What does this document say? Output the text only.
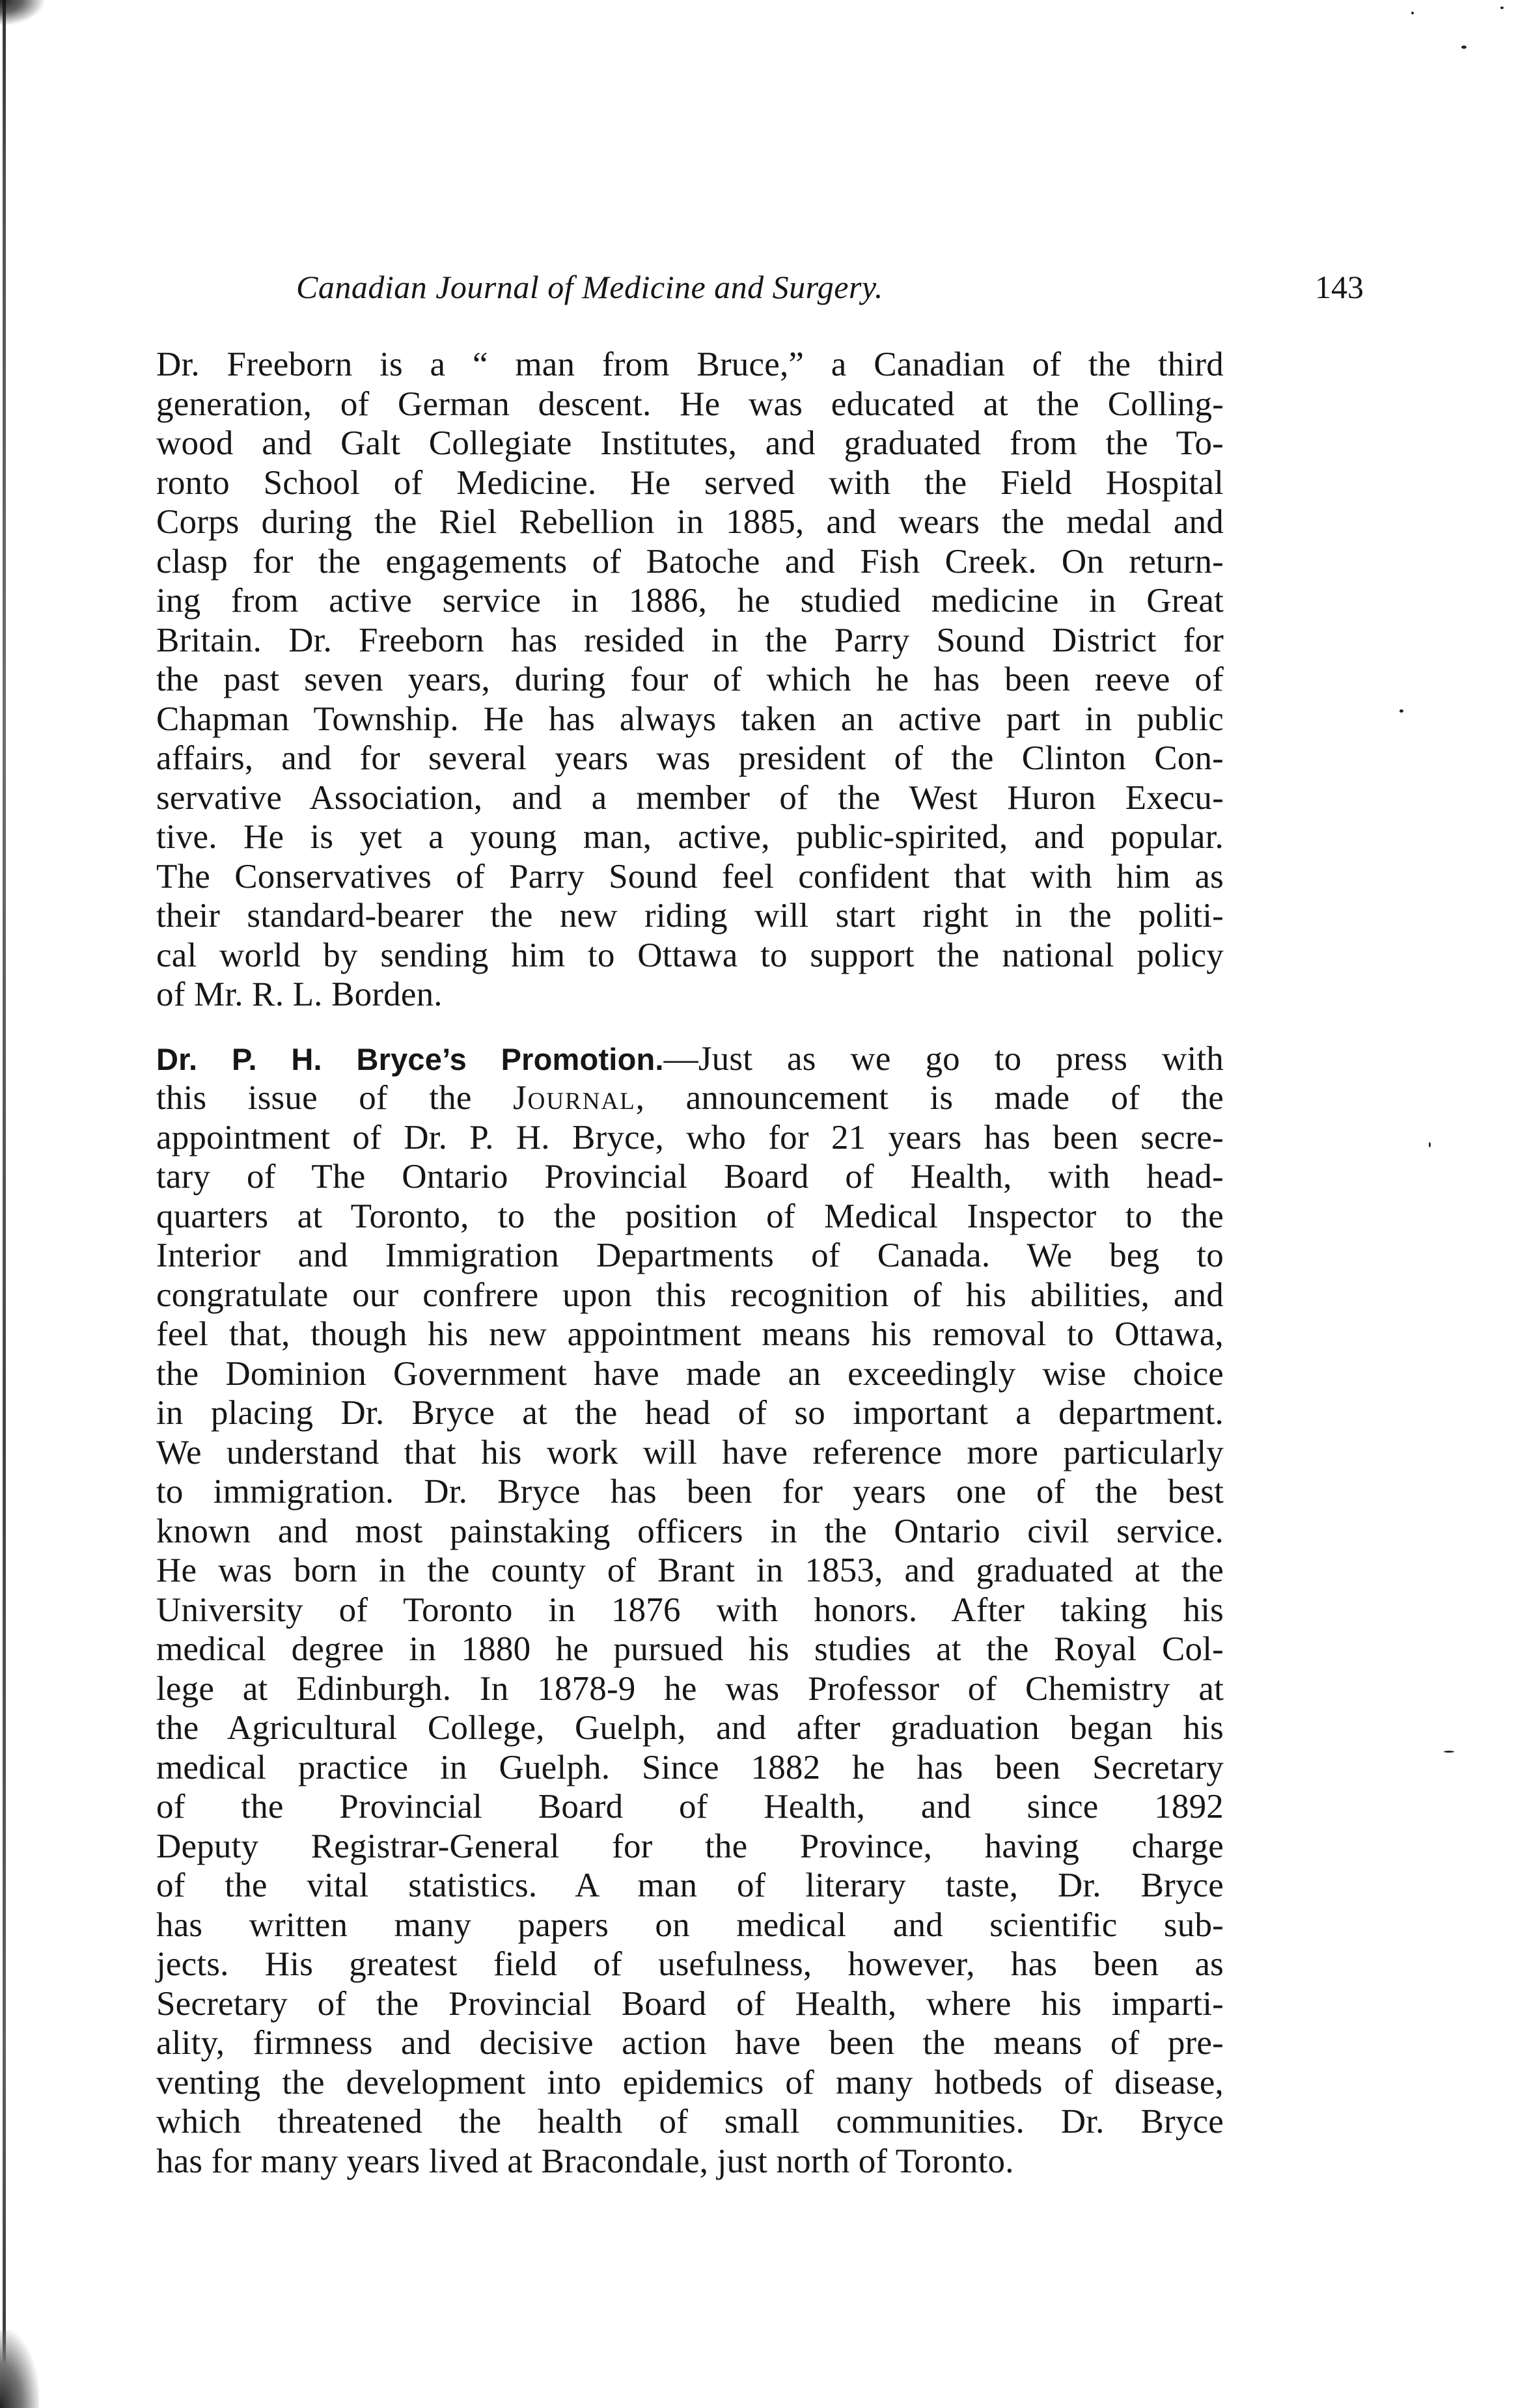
Canadian Journal of Medicine and Surgery.	143
Dr. Freeborn is a “ man from Bruce,” a Canadian of the third
generation, of German descent. He was educated at the Colling-
wood and Galt Collegiate Institutes, and graduated from the To-
ronto School of Medicine. He served with the Field Hospital
Corps during the Riel Rebellion in 1885, and wears the medal and
clasp for the engagements of Batoche and Fish Creek. On return-
ing from active service in 1886, he studied medicine in Great
Britain. Dr. Freeborn has resided in the Parry Sound District for
the past seven years, during four of which he has been reeve of
Chapman Township. He has always taken an active part in public
affairs, and for several years was president of the Clinton Con-
servative Association, and a member of the West Huron Execu-
tive. He is yet a young man, active, public-spirited, and popular.
The Conservatives of Parry Sound feel confident that with him as
their standard-bearer the new riding will start right in the politi-
cal world by sending him to Ottawa to support the national policy
of Mr. R. L. Borden.
Dr. P. H. Bryce’s Promotion.—Just as we go to press with
this issue of the Journal, announcement is made of the
appointment of Dr. P. H. Bryce, who for 21 years has been secre-
tary of The Ontario Provincial Board of Health, with head-
quarters at Toronto, to the position of Medical Inspector to the
Interior and Immigration Departments of Canada. We beg to
congratulate our confrere upon this recognition of his abilities, and
feel that, though his new appointment means his removal to Ottawa,
the Dominion Government have made an exceedingly wise choice
in placing Dr. Bryce at the head of so important a department.
We understand that his work will have reference more particularly
to immigration. Dr. Bryce has been for years one of the best
known and most painstaking officers in the Ontario civil service.
He was born in the county of Brant in 1853, and graduated at the
University of Toronto in 1876 with honors. After taking his
medical degree in 1880 he pursued his studies at the Royal Col-
lege at Edinburgh. In 1878-9 he was Professor of Chemistry at
the Agricultural College, Guelph, and after graduation began his
medical practice in Guelph. Since 1882 he has been Secretary
of the Provincial Board of Health, and since 1892
Deputy Registrar-General for the Province, having charge
of the vital statistics. A man of literary taste, Dr. Bryce
has written many papers on medical and scientific sub-
jects. His greatest field of usefulness, however, has been as
Secretary of the Provincial Board of Health, where his imparti-
ality, firmness and decisive action have been the means of pre-
venting the development into epidemics of many hotbeds of disease,
which threatened the health of small communities. Dr. Bryce
has for many years lived at Bracondale, just north of Toronto.
